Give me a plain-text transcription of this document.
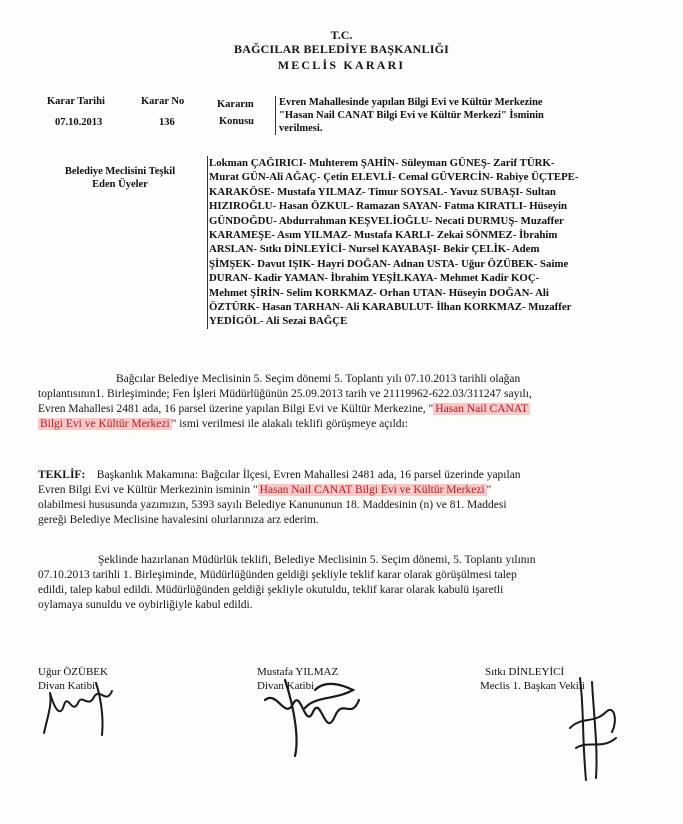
T.C.
BAĞCILAR BELEDİYE BAŞKANLIĞI
MECLİS KARARI
Karar Tarihi	Karar No
07.10.2013	136
Kararın
Konusu
Evren Mahallesinde yapılan Bilgi Evi ve Kültür Merkezine
"Hasan Nail CANAT Bilgi Evi ve Kültür Merkezi" İsminin
verilmesi.
Belediye Meclisini Teşkil
Eden Üyeler
Lokman ÇAĞIRICI- Muhterem ŞAHİN- Süleyman GÜNEŞ- Zarif TÜRK-
Murat GÜN-Ali AĞAÇ- Çetin ELEVLİ- Cemal GÜVERCİN- Rabiye ÜÇTEPE-
KARAKÖSE- Mustafa YILMAZ- Timur SOYSAL- Yavuz SUBAŞI- Sultan
HIZIROĞLU- Hasan ÖZKUL- Ramazan SAYAN- Fatma KIRATLI- Hüseyin
GÜNDOĞDU- Abdurrahman KEŞVELİOĞLU- Necati DURMUŞ- Muzaffer
KARAMEŞE- Asım YILMAZ- Mustafa KARLI- Zekai SÖNMEZ- İbrahim
ARSLAN- Sıtkı DİNLEYİCİ- Nursel KAYABAŞI- Bekir ÇELİK- Adem
ŞİMŞEK- Davut IŞIK- Hayri DOĞAN- Adnan USTA- Uğur ÖZÜBEK- Saime
DURAN- Kadir YAMAN- İbrahim YEŞİLKAYA- Mehmet Kadir KOÇ-
Mehmet ŞİRİN- Selim KORKMAZ- Orhan UTAN- Hüseyin DOĞAN- Ali
ÖZTÜRK- Hasan TARHAN- Ali KARABULUT- İlhan KORKMAZ- Muzaffer
YEDİGÖL- Ali Sezai BAĞÇE
Bağcılar Belediye Meclisinin 5. Seçim dönemi 5. Toplantı yılı 07.10.2013 tarihli olağan
toplantısının1. Birleşiminde; Fen İşleri Müdürlüğünün 25.09.2013 tarih ve 21119962-622.03/311247 sayılı,
Evren Mahallesi 2481 ada, 16 parsel üzerine yapılan Bilgi Evi ve Kültür Merkezine, " Hasan Nail CANAT
Bilgi Evi ve Kültür Merkezi " ismi verilmesi ile alakalı teklifi görüşmeye açıldı:
TEKLİF: Başkanlık Makamına: Bağcılar İlçesi, Evren Mahallesi 2481 ada, 16 parsel üzerinde yapılan
Evren Bilgi Evi ve Kültür Merkezinin isminin " Hasan Nail CANAT Bilgi Evi ve Kültür Merkezi "
olabilmesi hususunda yazımızın, 5393 sayılı Belediye Kanununun 18. Maddesinin (n) ve 81. Maddesi
gereği Belediye Meclisine havalesini olurlarınıza arz ederim.
Şeklinde hazırlanan Müdürlük teklifi, Belediye Meclisinin 5. Seçim dönemi, 5. Toplantı yılının
07.10.2013 tarihli 1. Birleşiminde, Müdürlüğünden geldiği şekliyle teklif karar olarak görüşülmesi talep
edildi, talep kabul edildi. Müdürlüğünden geldiği şekliyle okutuldu, teklif karar olarak kabulü işaretli
oylamaya sunuldu ve oybirliğiyle kabul edildi.
Uğur ÖZÜBEK
Divan Katibi
Mustafa YILMAZ
Divan Katibi
Sıtkı DİNLEYİCİ
Meclis 1. Başkan Vekili
